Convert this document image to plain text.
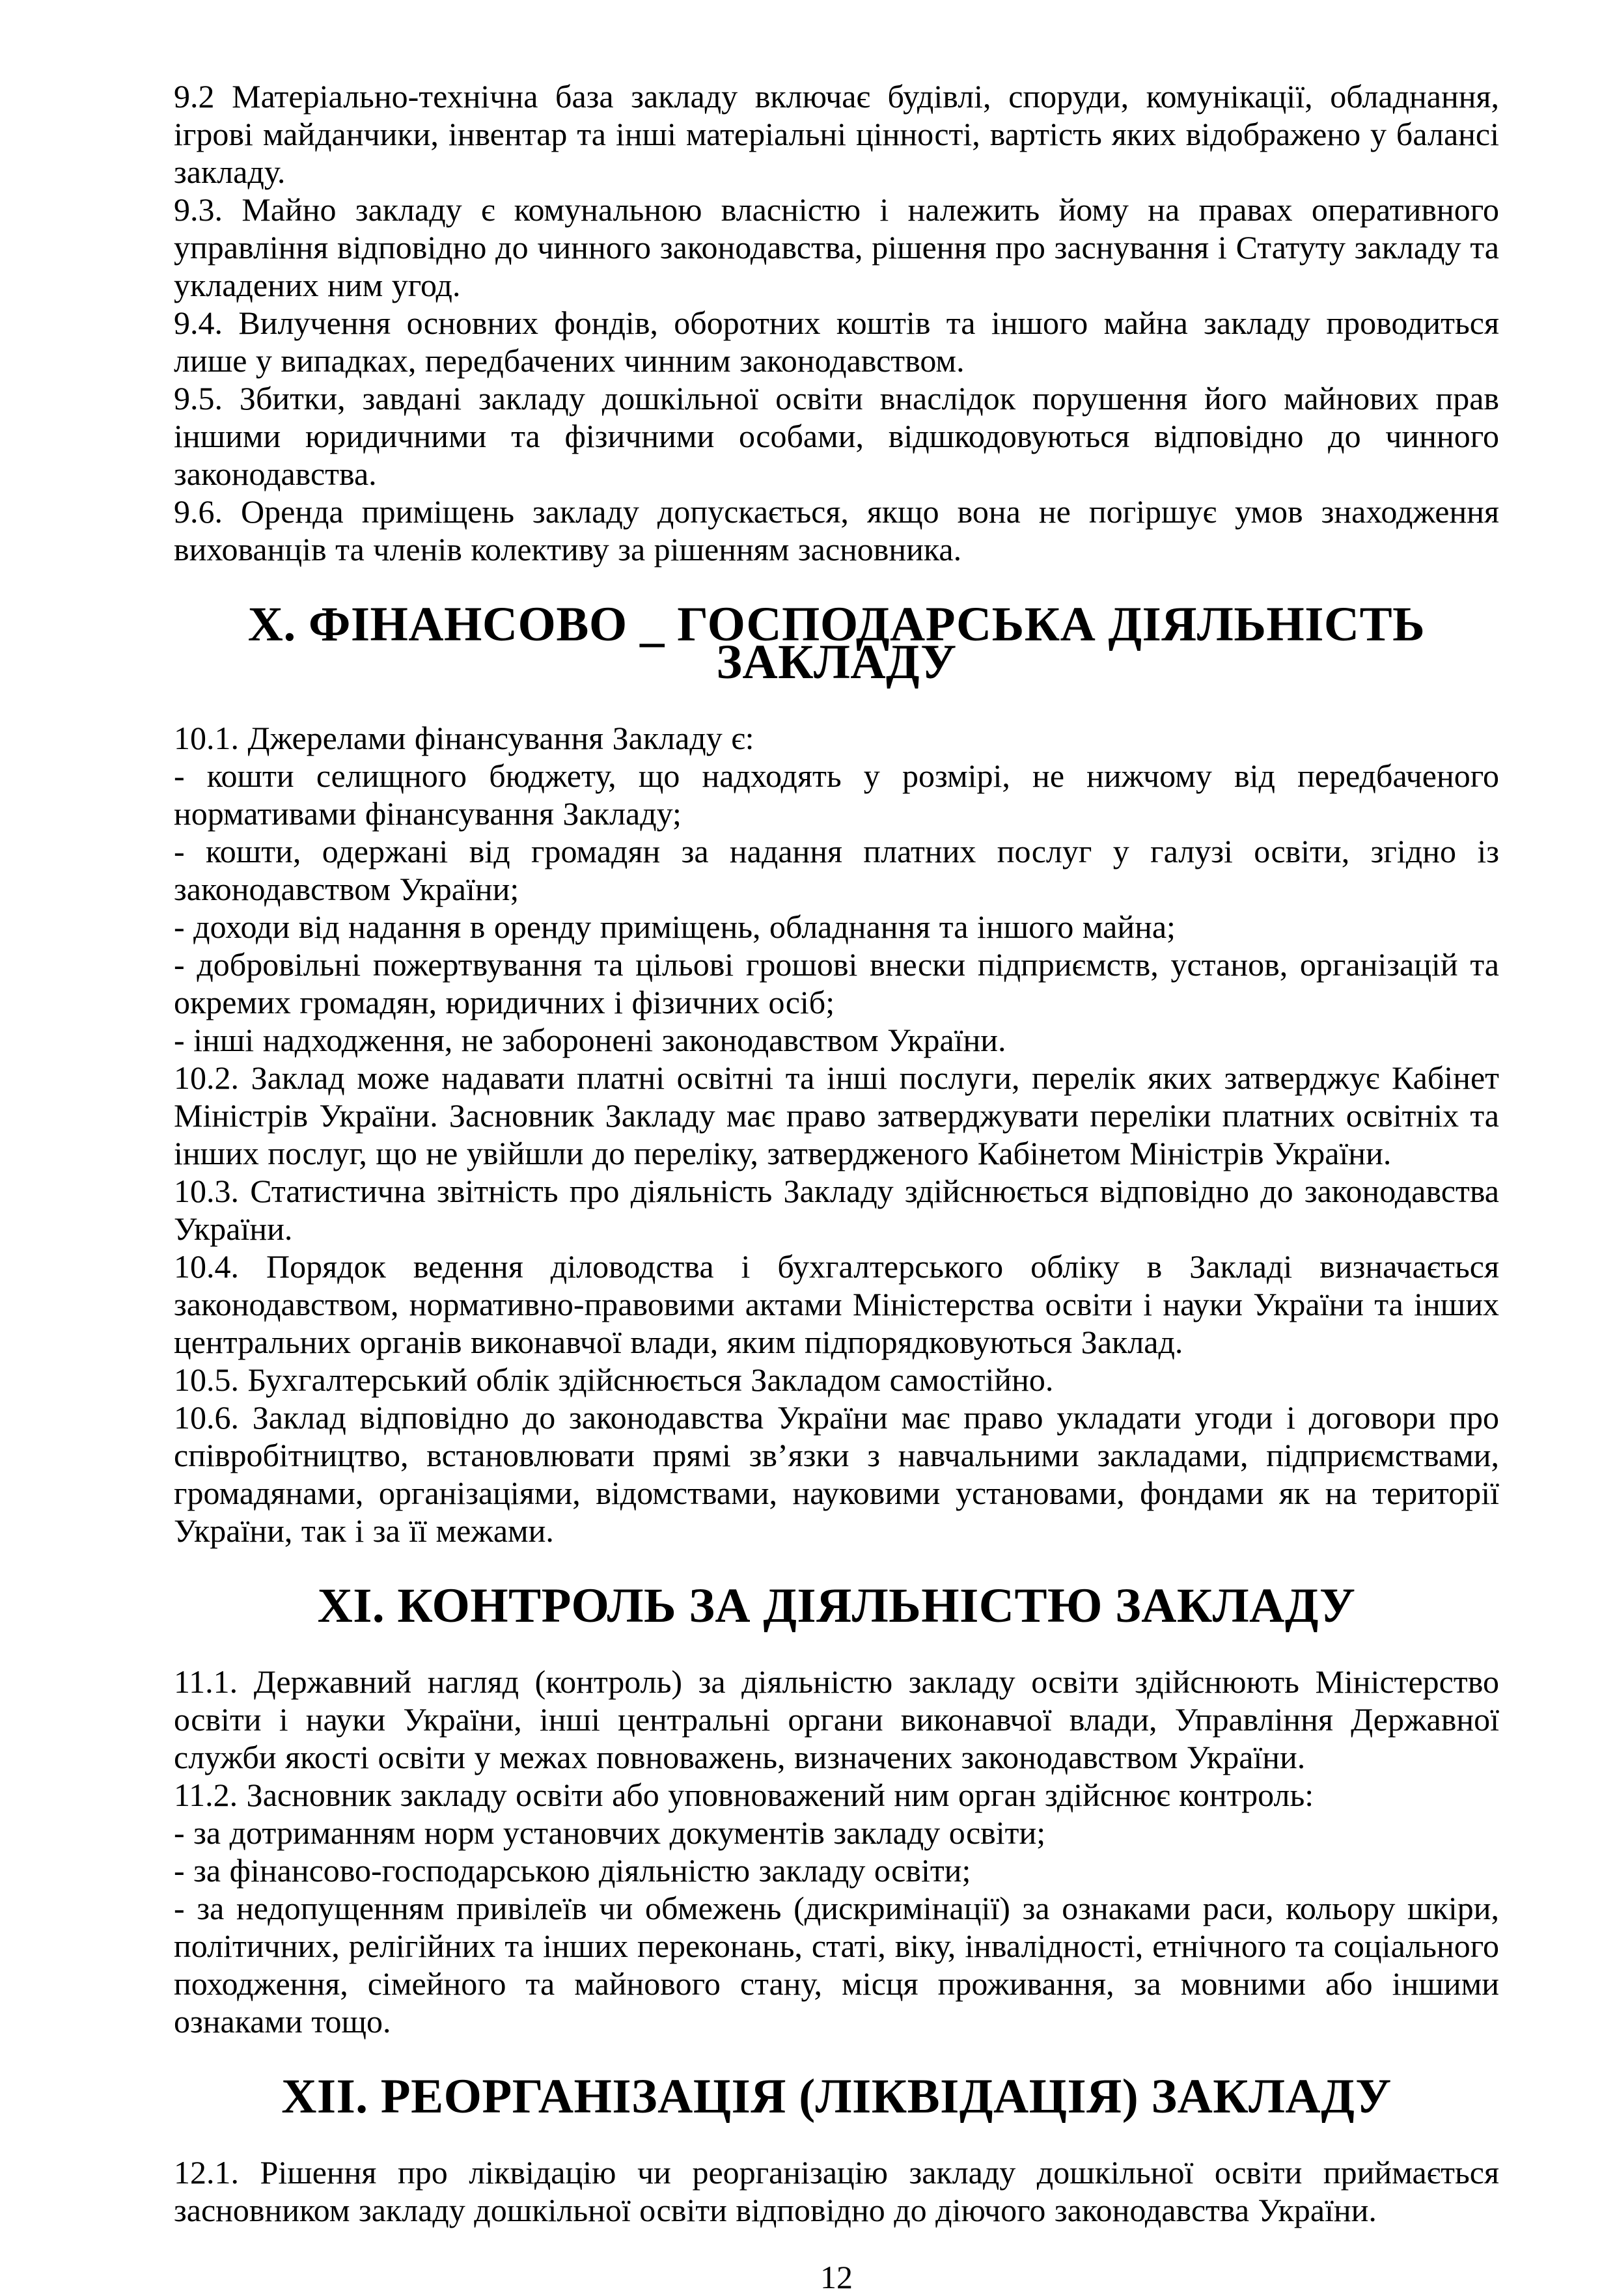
9.2 Матеріально-технічна база закладу включає будівлі, споруди, комунікації, обладнання, ігрові майданчики, інвентар та інші матеріальні цінності, вартість яких відображено у балансі закладу.

9.3. Майно закладу є комунальною власністю і належить йому на правах оперативного управління відповідно до чинного законодавства, рішення про заснування і Статуту закладу та укладених ним угод.

9.4. Вилучення основних фондів, оборотних коштів та іншого майна закладу проводиться лише у випадках, передбачених чинним законодавством.

9.5. Збитки, завдані закладу дошкільної освіти внаслідок порушення його майнових прав іншими юридичними та фізичними особами, відшкодовуються відповідно до чинного законодавства.

9.6. Оренда приміщень закладу допускається, якщо вона не погіршує умов знаходження вихованців та членів колективу за рішенням засновника.

Х. ФІНАНСОВО _ ГОСПОДАРСЬКА ДІЯЛЬНІСТЬ ЗАКЛАДУ

10.1. Джерелами фінансування Закладу є:

- кошти селищного бюджету, що надходять у розмірі, не нижчому від передбаченого нормативами фінансування Закладу;

- кошти, одержані від громадян за надання платних послуг у галузі освіти, згідно із законодавством України;

- доходи від надання в оренду приміщень, обладнання та іншого майна;

- добровільні пожертвування та цільові грошові внески підприємств, установ, організацій та окремих громадян, юридичних і фізичних осіб;

- інші надходження, не заборонені законодавством України.

10.2. Заклад може надавати платні освітні та інші послуги, перелік яких затверджує Кабінет Міністрів України. Засновник Закладу має право затверджувати переліки платних освітніх та інших послуг, що не увійшли до переліку, затвердженого Кабінетом Міністрів України.

10.3. Статистична звітність про діяльність Закладу здійснюється відповідно до законодавства України.

10.4. Порядок ведення діловодства і бухгалтерського обліку в Закладі визначається законодавством, нормативно-правовими актами Міністерства освіти і науки України та інших центральних органів виконавчої влади, яким підпорядковуються Заклад.

10.5. Бухгалтерський облік здійснюється Закладом самостійно.

10.6. Заклад відповідно до законодавства України має право укладати угоди і договори про співробітництво, встановлювати прямі зв’язки з навчальними закладами, підприємствами, громадянами, організаціями, відомствами, науковими установами, фондами як на території України, так і за її межами.

ХІ. КОНТРОЛЬ ЗА ДІЯЛЬНІСТЮ ЗАКЛАДУ

11.1. Державний нагляд (контроль) за діяльністю закладу освіти здійснюють Міністерство освіти і науки України, інші центральні органи виконавчої влади, Управління Державної служби якості освіти у межах повноважень, визначених законодавством України.

11.2. Засновник закладу освіти або уповноважений ним орган здійснює контроль:

- за дотриманням норм установчих документів закладу освіти;

- за фінансово-господарською діяльністю закладу освіти;

- за недопущенням привілеїв чи обмежень (дискримінації) за ознаками раси, кольору шкіри, політичних, релігійних та інших переконань, статі, віку, інвалідності, етнічного та соціального походження, сімейного та майнового стану, місця проживання, за мовними або іншими ознаками тощо.

ХІІ. РЕОРГАНІЗАЦІЯ (ЛІКВІДАЦІЯ) ЗАКЛАДУ

12.1. Рішення про ліквідацію чи реорганізацію закладу дошкільної освіти приймається засновником закладу дошкільної освіти відповідно до діючого законодавства України.

12
